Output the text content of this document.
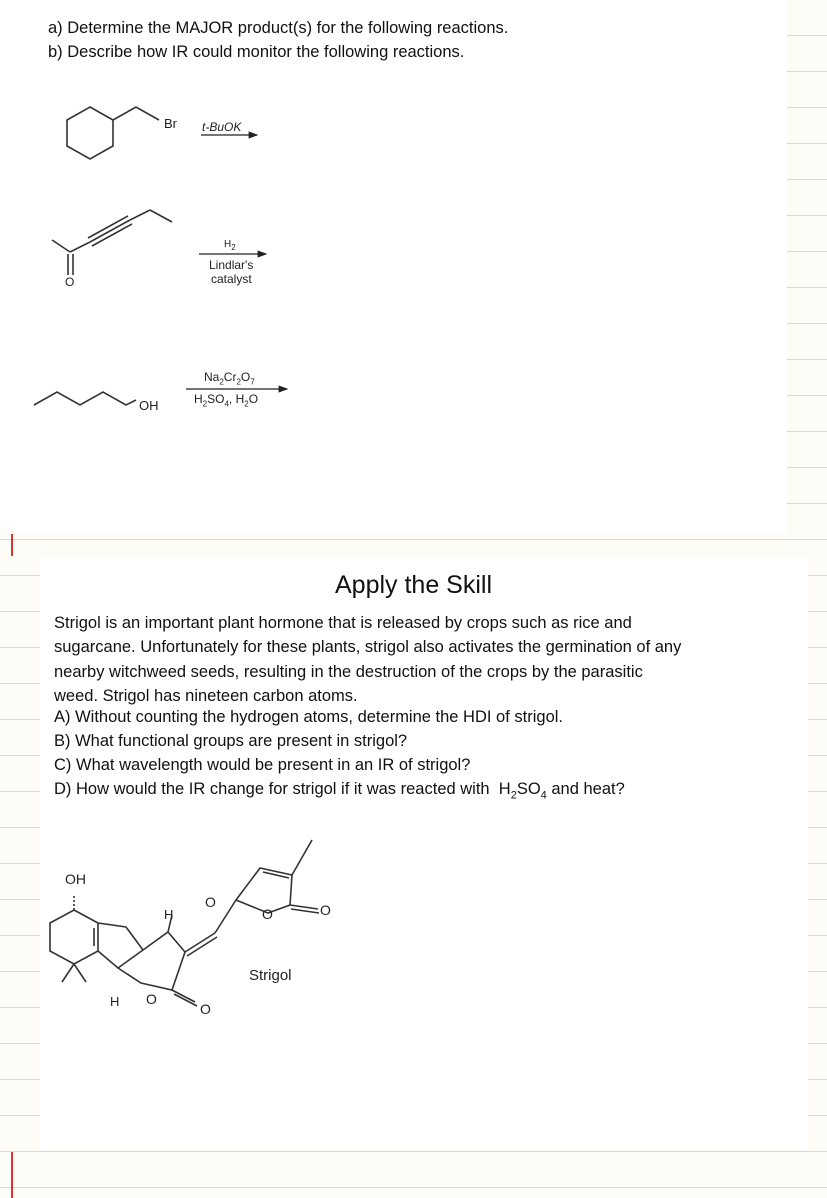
a) Determine the MAJOR product(s) for the following reactions.
b) Describe how IR could monitor the following reactions.
Br t-BuOK
O
$H_2$
Lindlar's
catalyst
OH
$Na_2Cr_2O_7$
$H_2SO_4$, $H_2O$
Apply the Skill

Strigol is an important plant hormone that is released by crops such as rice and

sugarcane. Unfortunately for these plants, strigol also activates the germination of any

nearby witchweed seeds, resulting in the destruction of the crops by the parasitic

weed. Strigol has nineteen carbon atoms.

A) Without counting the hydrogen atoms, determine the HDI of strigol.
B) What functional groups are present in strigol?
C) What wavelength would be present in an IR of strigol?
D) How would the IR change for strigol if it was reacted with  $H_2SO_4$ and heat?
OH
H
H O
O
O
O	O
Strigol
